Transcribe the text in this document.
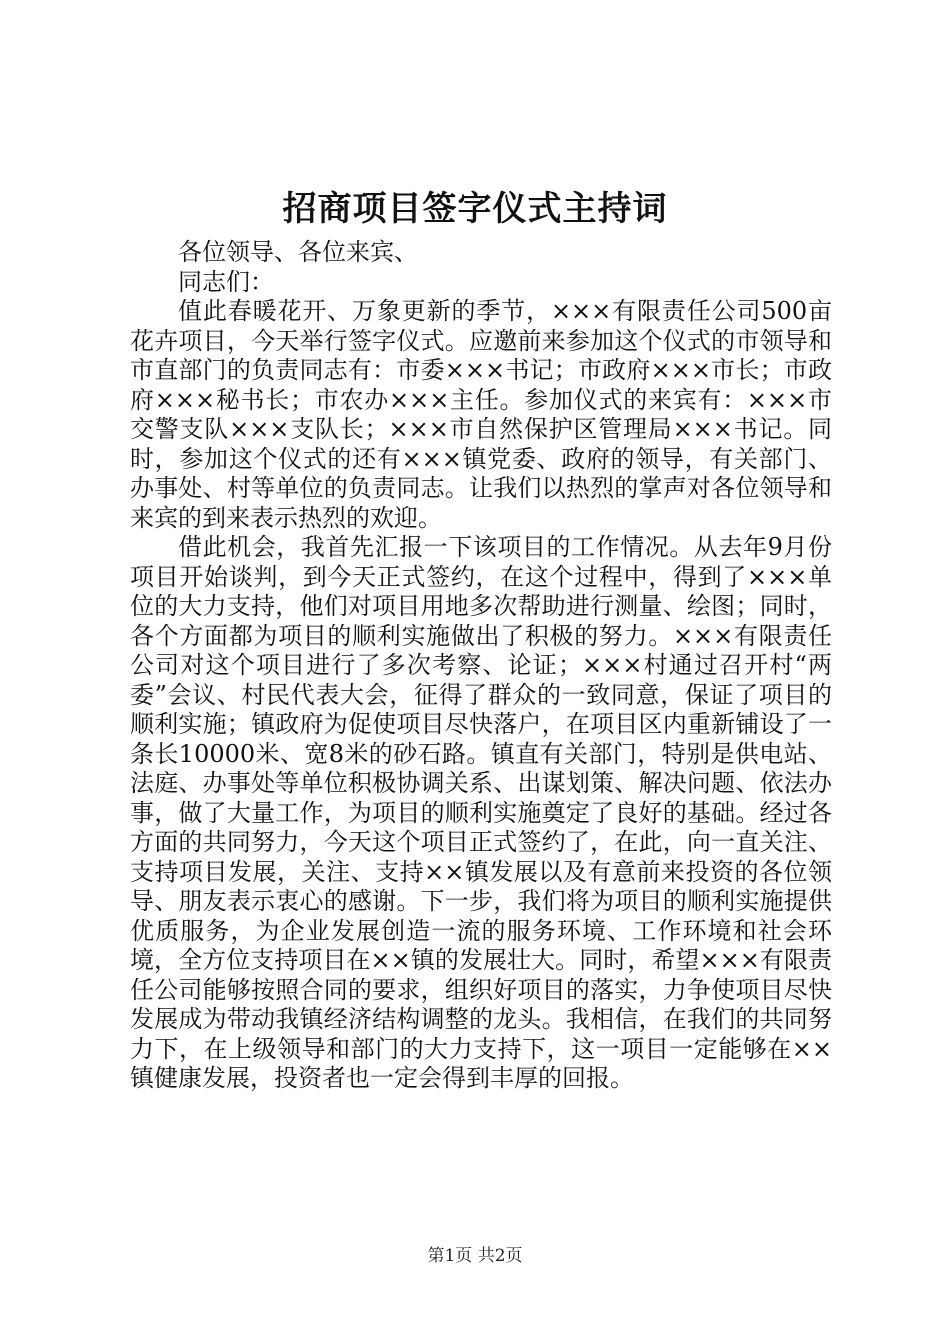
招商项目签字仪式主持词

各位领导、各位来宾、

同志们：

值此春暖花开、万象更新的季节，×××有限责任公司500亩花卉项目，今天举行签字仪式。应邀前来参加这个仪式的市领导和市直部门的负责同志有：市委×××书记；市政府×××市长；市政府×××秘书长；市农办×××主任。参加仪式的来宾有：×××市交警支队×××支队长；×××市自然保护区管理局×××书记。同时，参加这个仪式的还有×××镇党委、政府的领导，有关部门、办事处、村等单位的负责同志。让我们以热烈的掌声对各位领导和来宾的到来表示热烈的欢迎。

借此机会，我首先汇报一下该项目的工作情况。从去年9月份项目开始谈判，到今天正式签约，在这个过程中，得到了×××单位的大力支持，他们对项目用地多次帮助进行测量、绘图；同时，各个方面都为项目的顺利实施做出了积极的努力。×××有限责任公司对这个项目进行了多次考察、论证；×××村通过召开村“两委”会议、村民代表大会，征得了群众的一致同意，保证了项目的顺利实施；镇政府为促使项目尽快落户，在项目区内重新铺设了一条长10000米、宽8米的砂石路。镇直有关部门，特别是供电站、法庭、办事处等单位积极协调关系、出谋划策、解决问题、依法办事，做了大量工作，为项目的顺利实施奠定了良好的基础。经过各方面的共同努力，今天这个项目正式签约了，在此，向一直关注、支持项目发展，关注、支持××镇发展以及有意前来投资的各位领导、朋友表示衷心的感谢。下一步，我们将为项目的顺利实施提供优质服务，为企业发展创造一流的服务环境、工作环境和社会环境，全方位支持项目在××镇的发展壮大。同时，希望×××有限责任公司能够按照合同的要求，组织好项目的落实，力争使项目尽快发展成为带动我镇经济结构调整的龙头。我相信，在我们的共同努力下，在上级领导和部门的大力支持下，这一项目一定能够在××镇健康发展，投资者也一定会得到丰厚的回报。

第1页 共2页
